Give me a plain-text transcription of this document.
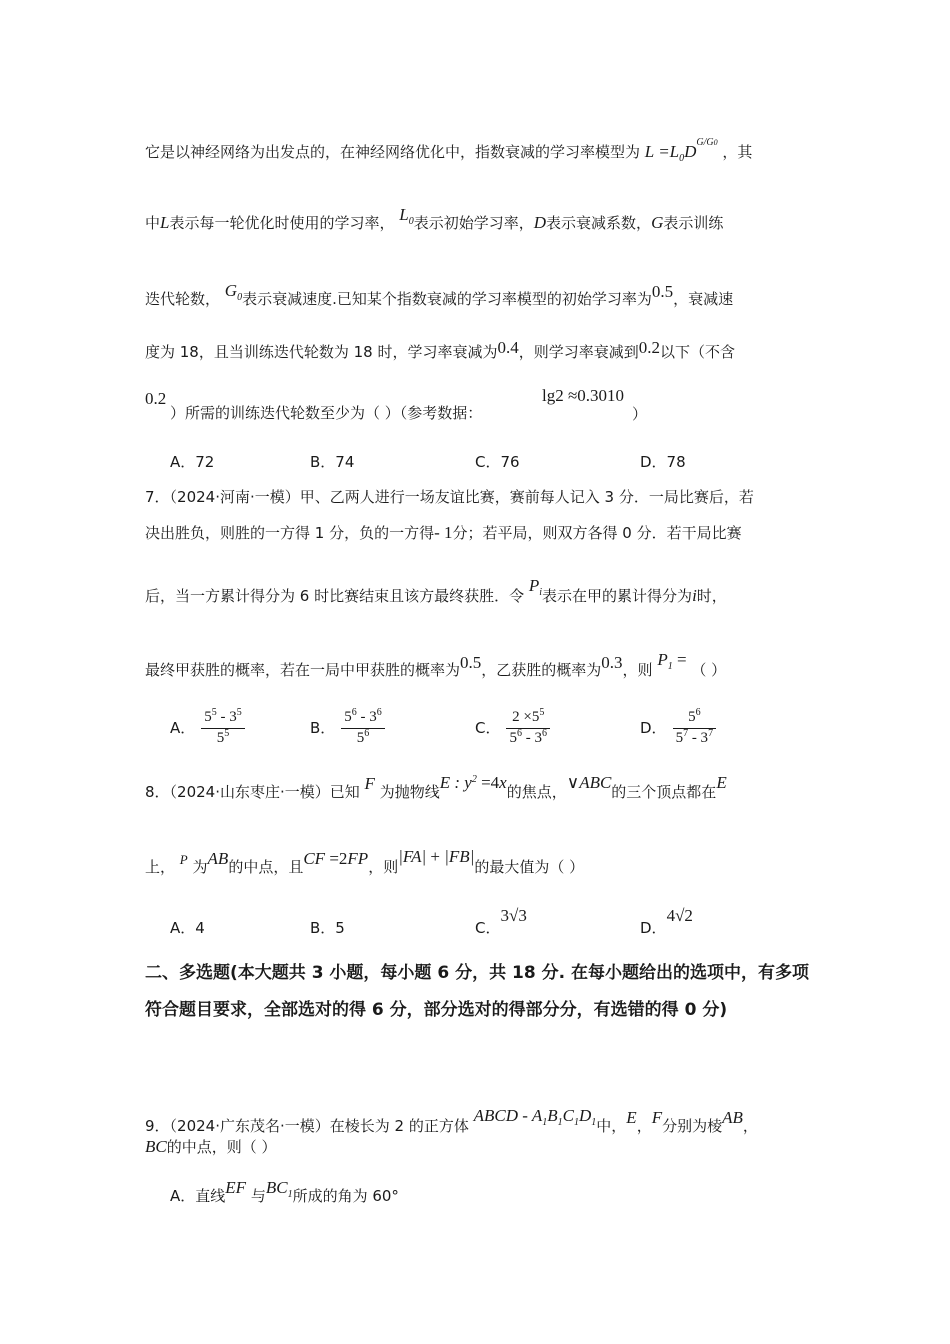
它是以神经网络为出发点的，在神经网络优化中，指数衰减的学习率模型为 $L =L_0D^{G/G0}$ ，其
中L表示每一轮优化时使用的学习率， $L_0$表示初始学习率，D表示衰减系数，G表示训练
迭代轮数， $G_0$表示衰减速度.已知某个指数衰减的学习率模型的初始学习率为0.5，衰减速
度为 18，且当训练迭代轮数为 18 时，学习率衰减为0.4，则学习率衰减到0.2以下（不含
0.2
）所需的训练迭代轮数至少为（ ）（参考数据：
lg2 ≈0.3010
）
A．72	B．74	C．76	D．78
7．（2024·河南·一模）甲、乙两人进行一场友谊比赛，赛前每人记入 3 分．一局比赛后，若
决出胜负，则胜的一方得 1 分，负的一方得- 1分；若平局，则双方各得 0 分．若干局比赛
后，当一方累计得分为 6 时比赛结束且该方最终获胜．令 $P_i$表示在甲的累计得分为i时，
最终甲获胜的概率，若在一局中甲获胜的概率为0.5，乙获胜的概率为0.3，则 $P_1$ = （ ）
A． $\frac{5^5 - 3^5}{5^5}$	B． $\frac{5^6 - 3^6}{5^6}$	C． $\frac{2 \times 5^5}{5^6 - 3^6}$	D． $\frac{5^6}{5^7 - 3^7}$
8．（2024·山东枣庄·一模）已知 F 为抛物线E : $y^2 =4x$的焦点，∨ABC的三个顶点都在E
上， P 为AB的中点，且CF =2FP，则|FA| + |FB|的最大值为（ ）
A．4	B．5	C．3√3
D．4√2
二、多选题(本大题共 3 小题，每小题 6 分，共 18 分. 在每小题给出的选项中，有多项符合题目要求，全部选对的得 6 分，部分选对的得部分分，有选错的得 0 分)
9．（2024·广东茂名·一模）在棱长为 2 的正方体 ABCD - $A_1B_1C_1D_1$中，E，F分别为棱AB，
BC的中点，则（ ）
A．直线EF 与$BC_1$所成的角为 60°
